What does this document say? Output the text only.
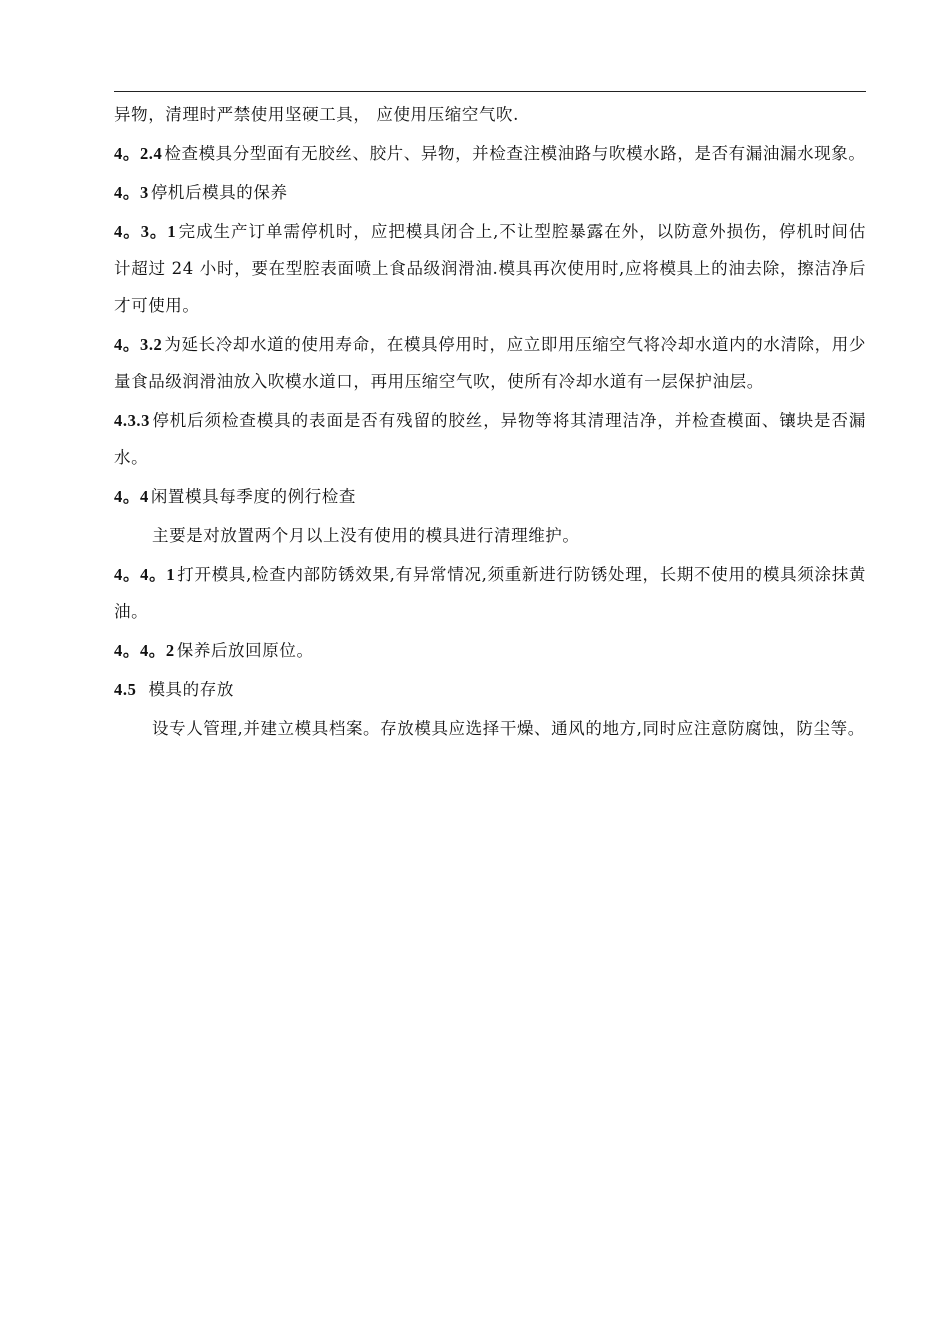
异物，清理时严禁使用坚硬工具， 应使用压缩空气吹.

4。2.4 检查模具分型面有无胶丝、胶片、异物，并检查注模油路与吹模水路，是否有漏油漏水现象。

4。3 停机后模具的保养

4。3。1 完成生产订单需停机时，应把模具闭合上,不让型腔暴露在外，以防意外损伤，停机时间估计超过 24 小时，要在型腔表面喷上食品级润滑油.模具再次使用时,应将模具上的油去除，擦洁净后才可使用。

4。3.2 为延长冷却水道的使用寿命，在模具停用时，应立即用压缩空气将冷却水道内的水清除，用少量食品级润滑油放入吹模水道口，再用压缩空气吹，使所有冷却水道有一层保护油层。

4.3.3 停机后须检查模具的表面是否有残留的胶丝，异物等将其清理洁净，并检查模面、镶块是否漏水。

4。4 闲置模具每季度的例行检查

主要是对放置两个月以上没有使用的模具进行清理维护。

4。4。1 打开模具,检查内部防锈效果,有异常情况,须重新进行防锈处理，长期不使用的模具须涂抹黄油。

4。4。2 保养后放回原位。

4.5 模具的存放

设专人管理,并建立模具档案。存放模具应选择干燥、通风的地方,同时应注意防腐蚀，防尘等。
